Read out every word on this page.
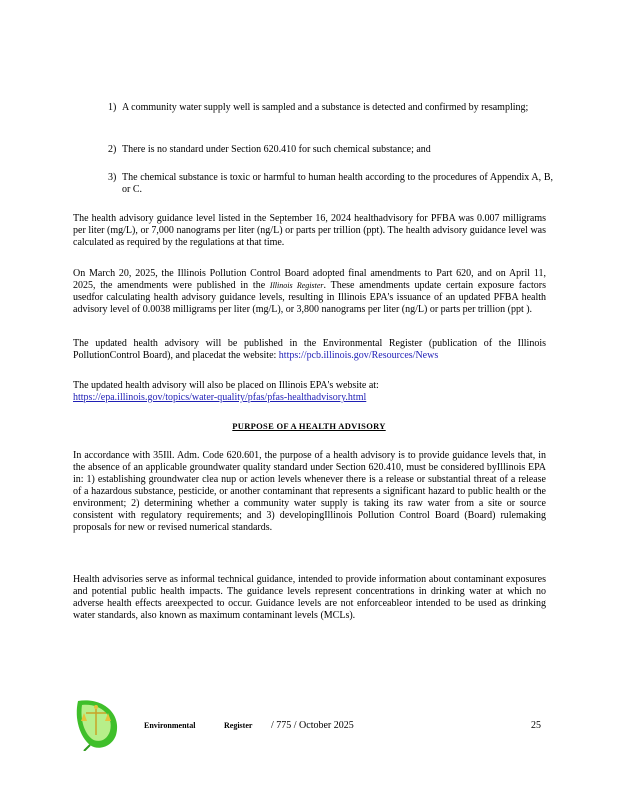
1) A community water supply well is sampled and a substance is detected and confirmed by resampling;
2) There is no standard under Section 620.410 for such chemical substance; and
3) The chemical substance is toxic or harmful to human health according to the procedures of Appendix A, B, or C.
The health advisory guidance level listed in the September 16, 2024 healthadvisory for PFBA was 0.007 milligrams per liter (mg/L), or 7,000 nanograms per liter (ng/L) or parts per trillion (ppt). The health advisory guidance level was calculated as required by the regulations at that time.
On March 20, 2025, the Illinois Pollution Control Board adopted final amendments to Part 620, and on April 11, 2025, the amendments were published in the Illinois Register. These amendments update certain exposure factors usedfor calculating health advisory guidance levels, resulting in Illinois EPA's issuance of an updated PFBA health advisory level of 0.0038 milligrams per liter (mg/L), or 3,800 nanograms per liter (ng/L) or parts per trillion (ppt ).
The updated health advisory will be published in the Environmental Register (publication of the Illinois PollutionControl Board), and placedat the website: https://pcb.illinois.gov/Resources/News
The updated health advisory will also be placed on Illinois EPA's website at:
https://epa.illinois.gov/topics/water-quality/pfas/pfas-healthadvisory.html
PURPOSE OF A HEALTH ADVISORY
In accordance with 35Ill. Adm. Code 620.601, the purpose of a health advisory is to provide guidance levels that, in the absence of an applicable groundwater quality standard under Section 620.410, must be considered byIllinois EPA in: 1) establishing groundwater clea nup or action levels whenever there is a release or substantial threat of a release of a hazardous substance, pesticide, or another contaminant that represents a significant hazard to public health or the environment; 2) determining whether a community water supply is taking its raw water from a site or source consistent with regulatory requirements; and 3) developingIllinois Pollution Control Board (Board) rulemaking proposals for new or revised numerical standards.
Health advisories serve as informal technical guidance, intended to provide information about contaminant exposures and potential public health impacts. The guidance levels represent concentrations in drinking water at which no adverse health effects areexpected to occur. Guidance levels are not enforceableor intended to be used as drinking water standards, also known as maximum contaminant levels (MCLs).
Environmental	Register / 775 / October 2025	25
